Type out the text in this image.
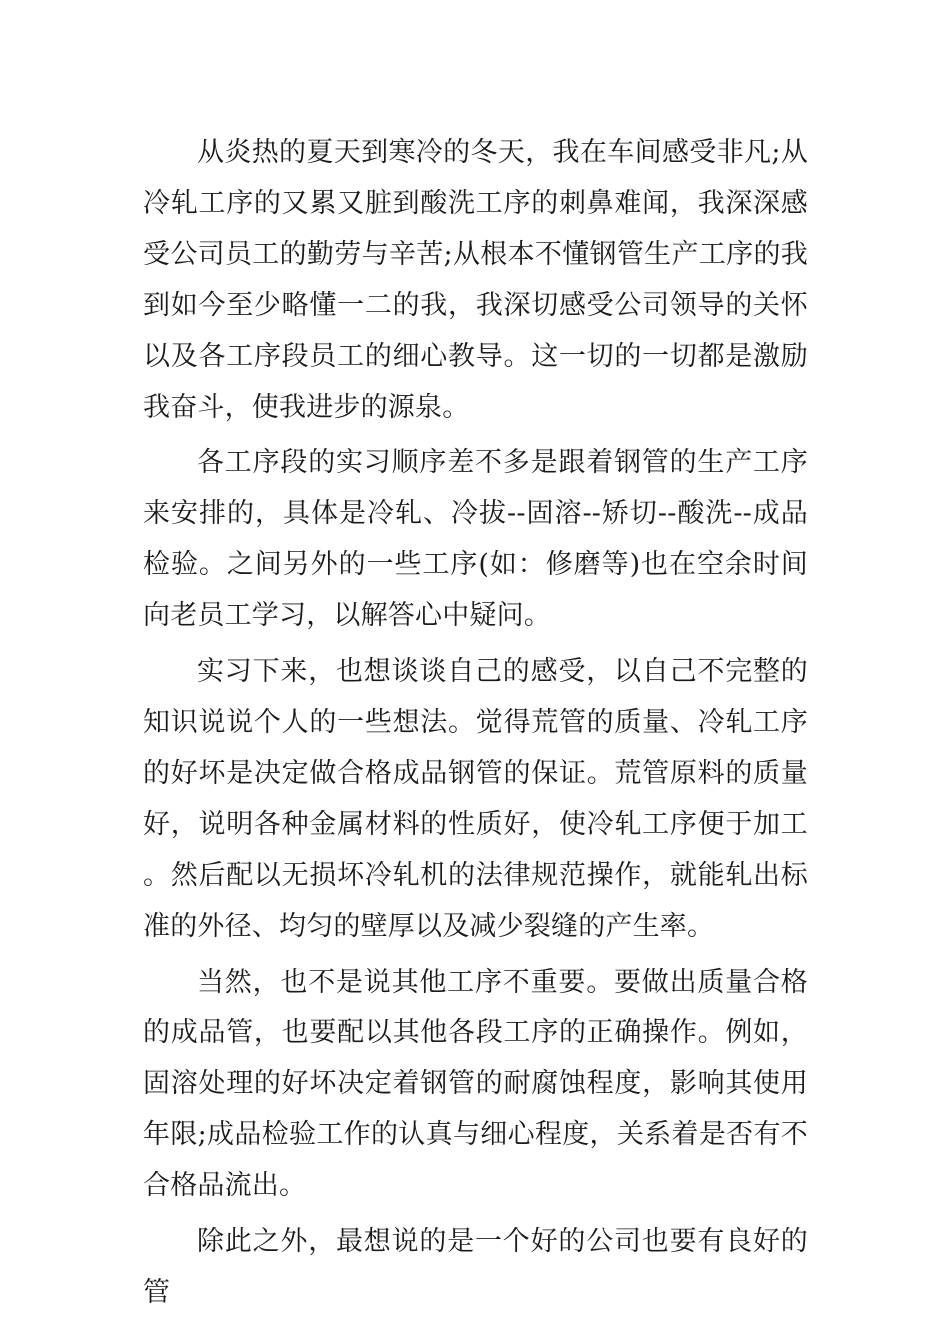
从炎热的夏天到寒冷的冬天，我在车间感受非凡;从冷轧工序的又累又脏到酸洗工序的刺鼻难闻，我深深感受公司员工的勤劳与辛苦;从根本不懂钢管生产工序的我到如今至少略懂一二的我，我深切感受公司领导的关怀以及各工序段员工的细心教导。这一切的一切都是激励我奋斗，使我进步的源泉。

各工序段的实习顺序差不多是跟着钢管的生产工序来安排的，具体是冷轧、冷拔--固溶--矫切--酸洗--成品检验。之间另外的一些工序(如：修磨等)也在空余时间向老员工学习，以解答心中疑问。

实习下来，也想谈谈自己的感受，以自己不完整的知识说说个人的一些想法。觉得荒管的质量、冷轧工序的好坏是决定做合格成品钢管的保证。荒管原料的质量好，说明各种金属材料的性质好，使冷轧工序便于加工。然后配以无损坏冷轧机的法律规范操作，就能轧出标准的外径、均匀的壁厚以及减少裂缝的产生率。

当然，也不是说其他工序不重要。要做出质量合格的成品管，也要配以其他各段工序的正确操作。例如，固溶处理的好坏决定着钢管的耐腐蚀程度，影响其使用年限;成品检验工作的认真与细心程度，关系着是否有不合格品流出。

除此之外，最想说的是一个好的公司也要有良好的管
